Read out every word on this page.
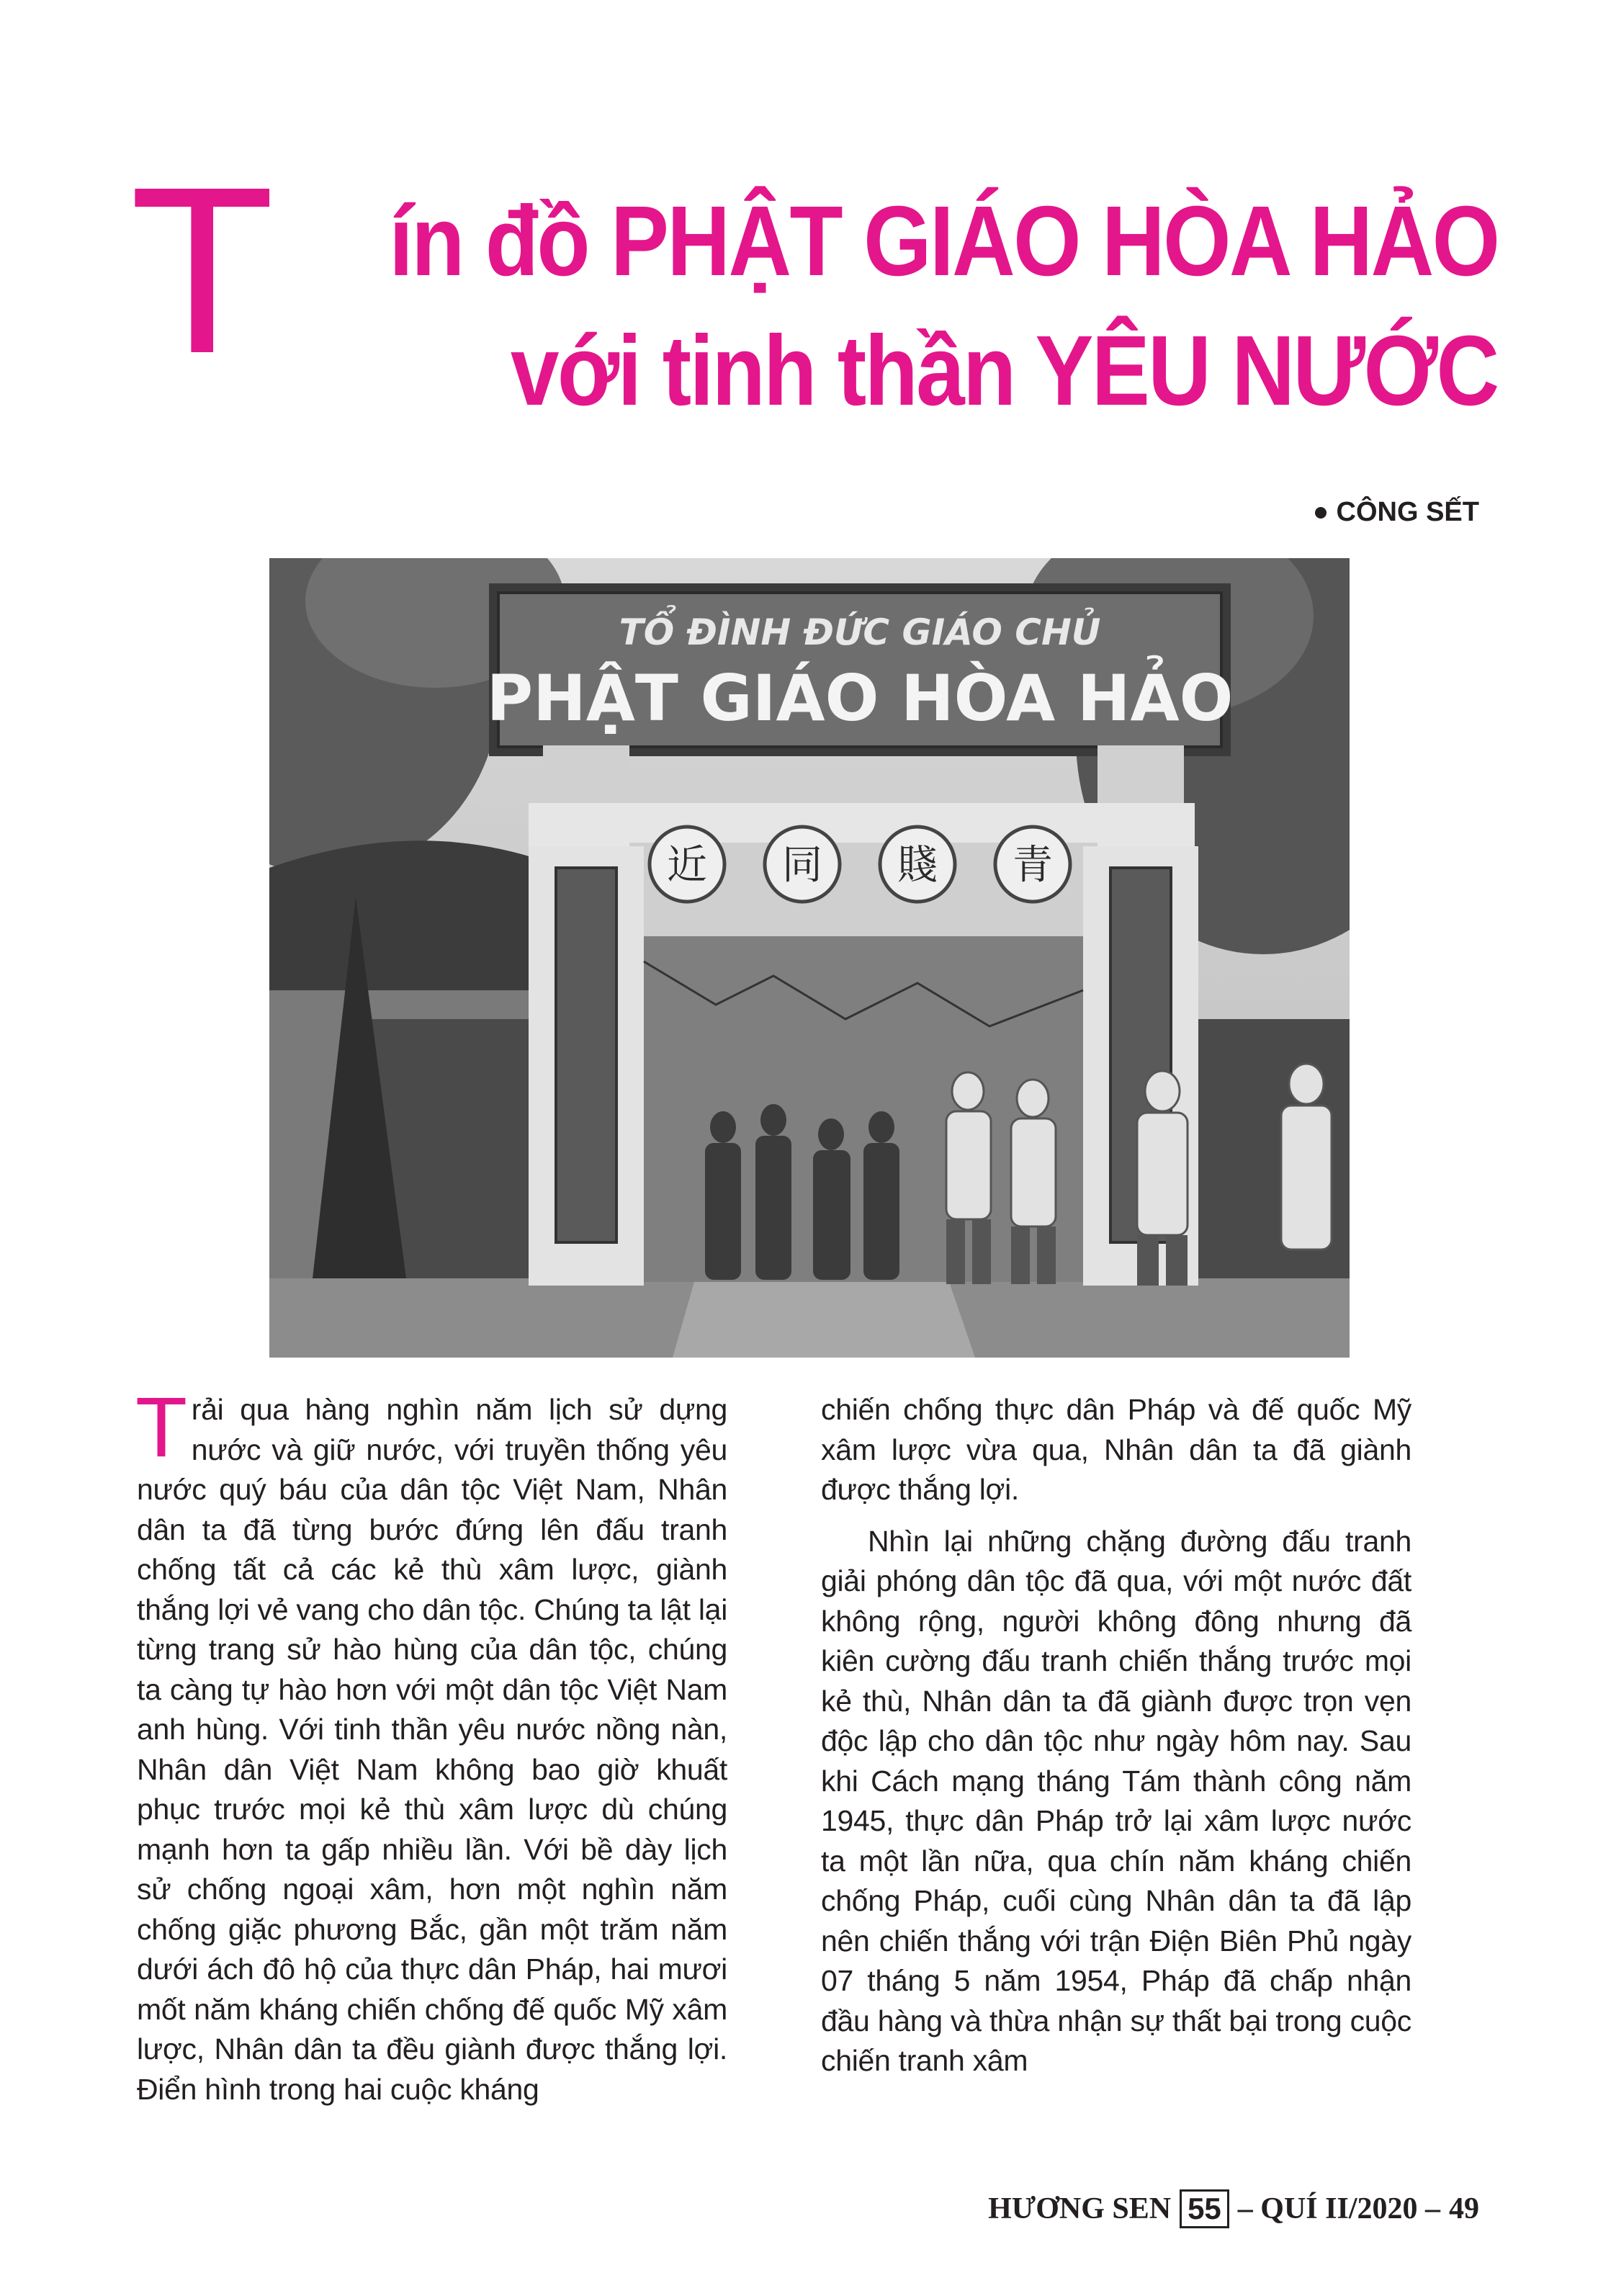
T ín đồ PHẬT GIÁO HÒA HẢO
với tinh thần YÊU NƯỚC
CÔNG SẾT
TỔ ĐÌNH ĐỨC GIÁO CHỦ
PHẬT GIÁO HÒA HẢO
近 同 賤 青

Trải qua hàng nghìn năm lịch sử dựng nước và giữ nước, với truyền thống yêu nước quý báu của dân tộc Việt Nam, Nhân dân ta đã từng bước đứng lên đấu tranh chống tất cả các kẻ thù xâm lược, giành thắng lợi vẻ vang cho dân tộc. Chúng ta lật lại từng trang sử hào hùng của dân tộc, chúng ta càng tự hào hơn với một dân tộc Việt Nam anh hùng. Với tinh thần yêu nước nồng nàn, Nhân dân Việt Nam không bao giờ khuất phục trước mọi kẻ thù xâm lược dù chúng mạnh hơn ta gấp nhiều lần. Với bề dày lịch sử chống ngoại xâm, hơn một nghìn năm chống giặc phương Bắc, gần một trăm năm dưới ách đô hộ của thực dân Pháp, hai mươi mốt năm kháng chiến chống đế quốc Mỹ xâm lược, Nhân dân ta đều giành được thắng lợi. Điển hình trong hai cuộc kháng

chiến chống thực dân Pháp và đế quốc Mỹ xâm lược vừa qua, Nhân dân ta đã giành được thắng lợi.

Nhìn lại những chặng đường đấu tranh giải phóng dân tộc đã qua, với một nước đất không rộng, người không đông nhưng đã kiên cường đấu tranh chiến thắng trước mọi kẻ thù, Nhân dân ta đã giành được trọn vẹn độc lập cho dân tộc như ngày hôm nay. Sau khi Cách mạng tháng Tám thành công năm 1945, thực dân Pháp trở lại xâm lược nước ta một lần nữa, qua chín năm kháng chiến chống Pháp, cuối cùng Nhân dân ta đã lập nên chiến thắng với trận Điện Biên Phủ ngày 07 tháng 5 năm 1954, Pháp đã chấp nhận đầu hàng và thừa nhận sự thất bại trong cuộc chiến tranh xâm

HƯƠNG SEN 55 – QUÍ II/2020 – 49
